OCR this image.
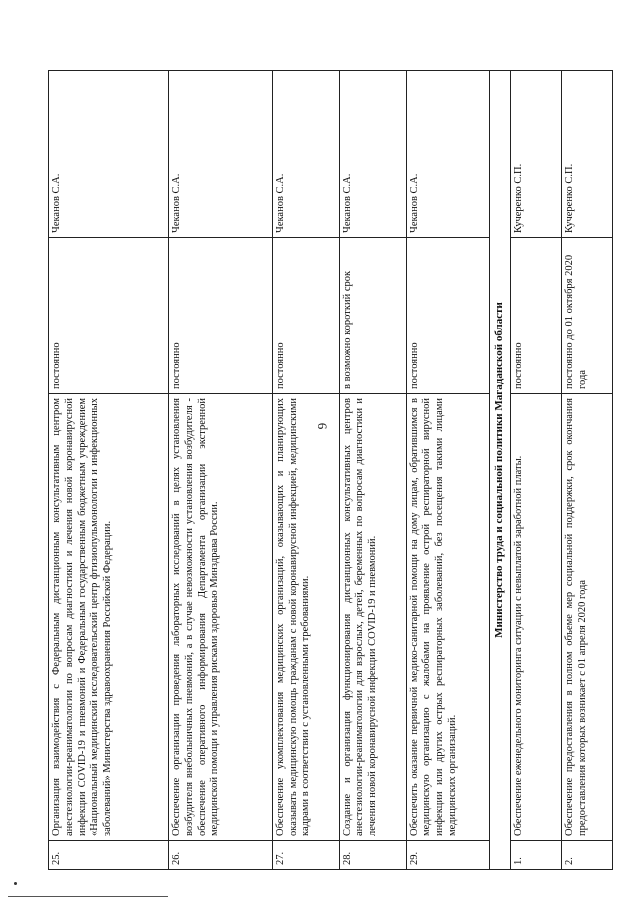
6
25.	Организация взаимодействия с Федеральным дистанционным консультативным центром анестезиологии-реаниматологии по вопросам диагностики и лечения новой коронавирусной инфекции COVID-19 и пневмоний и Федеральным государственным бюджетным учреждением «Национальный медицинский исследовательский центр фтизиопульмонологии и инфекционных заболеваний» Министерства здравоохранения Российской Федерации.	постоянно	Чеканов С.А.
26.	Обеспечение организации проведения лабораторных исследований в целях установления возбудителя внебольничных пневмоний, а в случае невозможности установления возбудителя - обеспечение оперативного информирования Департамента организации экстренной медицинской помощи и управления рисками здоровью Минздрава России.	постоянно	Чеканов С.А.
27.	Обеспечение укомплектования медицинских организаций, оказывающих и планирующих оказывать медицинскую помощь гражданам с новой коронавирусной инфекцией, медицинскими кадрами в соответствии с установленными требованиями.	постоянно	Чеканов С.А.
28.	Создание и организация функционирования дистанционных консультативных центров анестезиологии-реаниматологии для взрослых, детей, беременных по вопросам диагностики и лечения новой коронавирусной инфекции COVID-19 и пневмоний.	в возможно короткий срок	Чеканов С.А.
29.	Обеспечить оказание первичной медико-санитарной помощи на дому лицам, обратившимся в медицинскую организацию с жалобами на проявление острой респираторной вирусной инфекции или других острых респираторных заболеваний, без посещения такими лицами медицинских организаций.	постоянно	Чеканов С.А.
Министерство труда и социальной политики Магаданской области			
1.	Обеспечение еженедельного мониторинга ситуации с невыплатой заработной платы.	постоянно	Кучеренко С.П.
2.	Обеспечение предоставления в полном объеме мер социальной поддержки, срок окончания предоставления которых возникает с 01 апреля 2020 года	постоянно до 01 октября 2020 года	Кучеренко С.П.
